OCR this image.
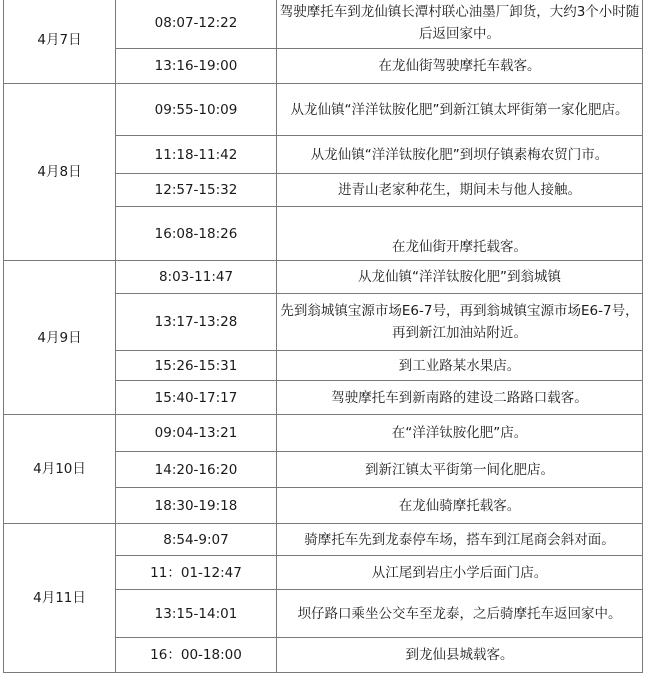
4月7日	08:07-12:22	驾驶摩托车到龙仙镇长潭村联心油墨厂卸货，大约3个小时随后返回家中。
	13:16-19:00	在龙仙街驾驶摩托车载客。
4月8日	09:55-10:09	从龙仙镇“洋洋钛胺化肥”到新江镇太坪街第一家化肥店。
	11:18-11:42	从龙仙镇“洋洋钛胺化肥”到坝仔镇素梅农贸门市。
	12:57-15:32	进青山老家种花生，期间未与他人接触。
	16:08-18:26	在龙仙街开摩托载客。
4月9日	8:03-11:47	从龙仙镇“洋洋钛胺化肥”到翁城镇
	13:17-13:28	先到翁城镇宝源市场E6-7号，再到翁城镇宝源市场E6-7号，再到新江加油站附近。
	15:26-15:31	到工业路某水果店。
	15:40-17:17	驾驶摩托车到新南路的建设二路路口载客。
4月10日	09:04-13:21	在“洋洋钛胺化肥”店。
	14:20-16:20	到新江镇太平街第一间化肥店。
	18:30-19:18	在龙仙骑摩托载客。
4月11日	8:54-9:07	骑摩托车先到龙泰停车场，搭车到江尾商会斜对面。
	11：01-12:47	从江尾到岩庄小学后面门店。
	13:15-14:01	坝仔路口乘坐公交车至龙泰，之后骑摩托车返回家中。
	16：00-18:00	到龙仙县城载客。
